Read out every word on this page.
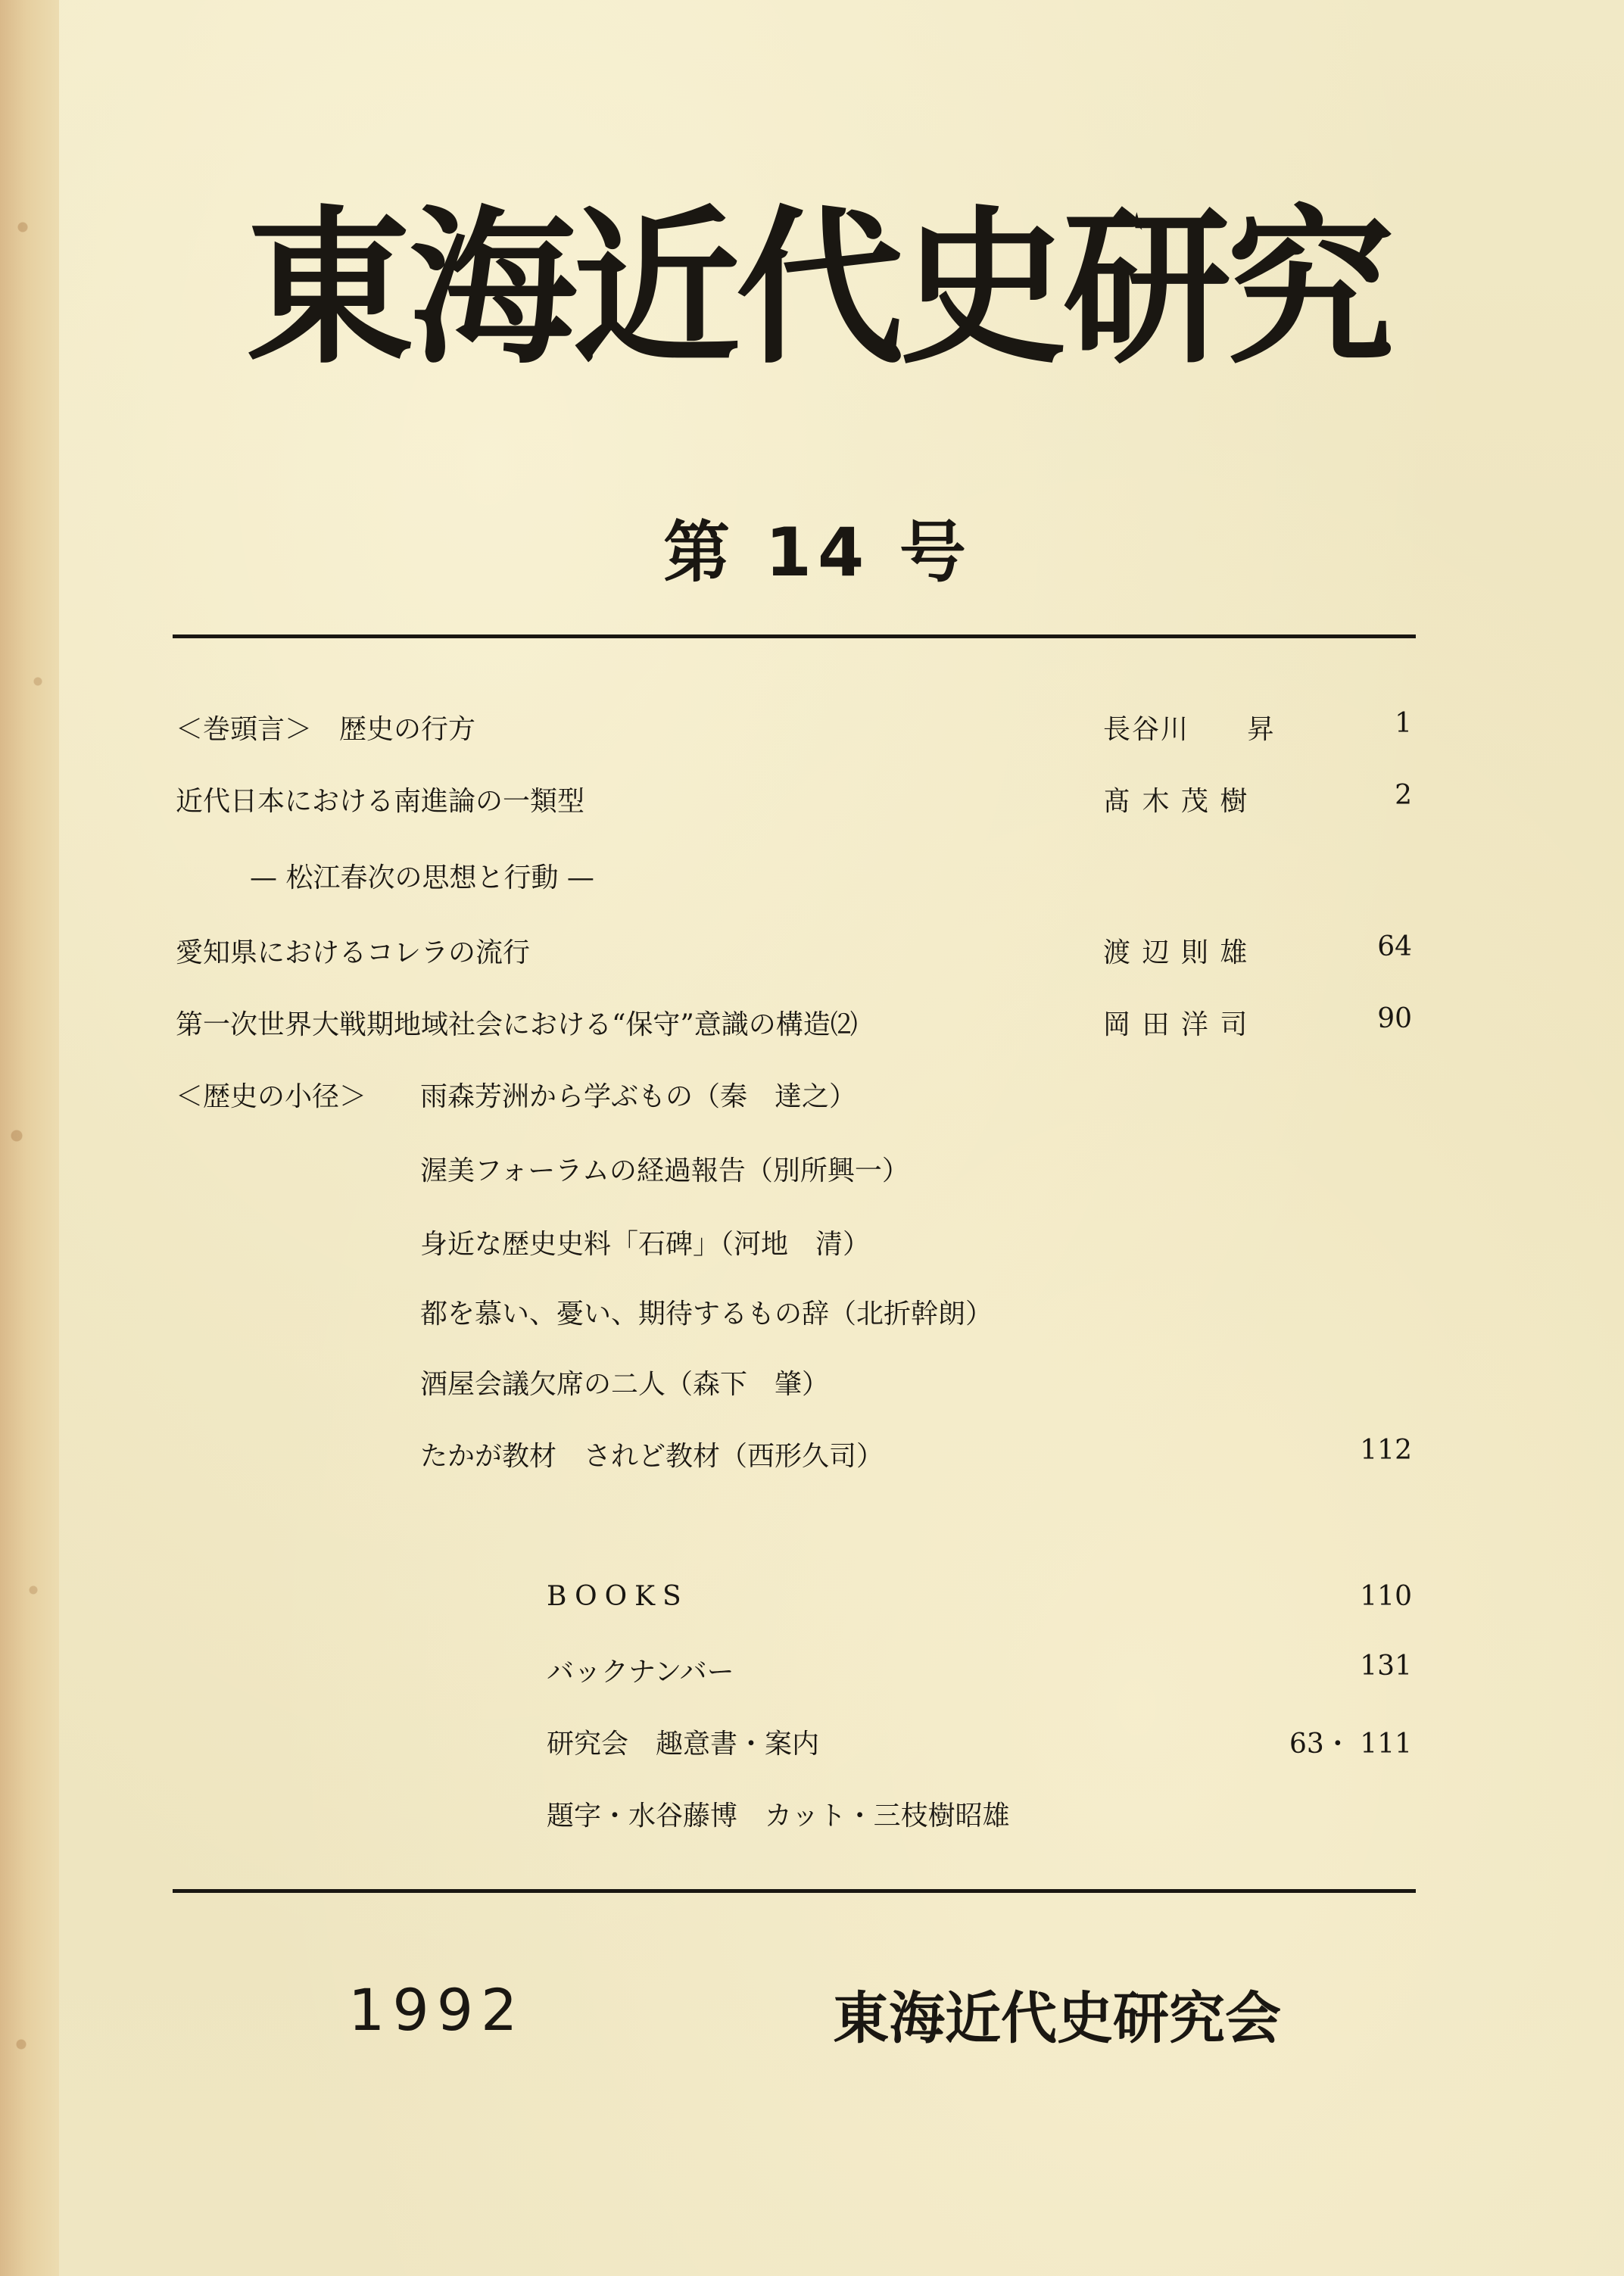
東海近代史研究
第 14 号
＜巻頭言＞　歴史の行方	長谷川　　昇	1
近代日本における南進論の一類型	髙 木 茂 樹	2
— 松江春次の思想と行動 —
愛知県におけるコレラの流行	渡 辺 則 雄	64
第一次世界大戦期地域社会における“保守”意識の構造⑵	岡 田 洋 司	90
＜歴史の小径＞ 雨森芳洲から学ぶもの（秦　達之）
渥美フォーラムの経過報告（別所興一）
身近な歴史史料「石碑」（河地　清）
都を慕い、憂い、期待するもの辞（北折幹朗）
酒屋会議欠席の二人（森下　肇）
たかが教材　されど教材（西形久司）	112
BOOKS	110
バックナンバー	131
研究会　趣意書・案内	63・ 111
題字・水谷藤博　カット・三枝樹昭雄
1992	東海近代史研究会
